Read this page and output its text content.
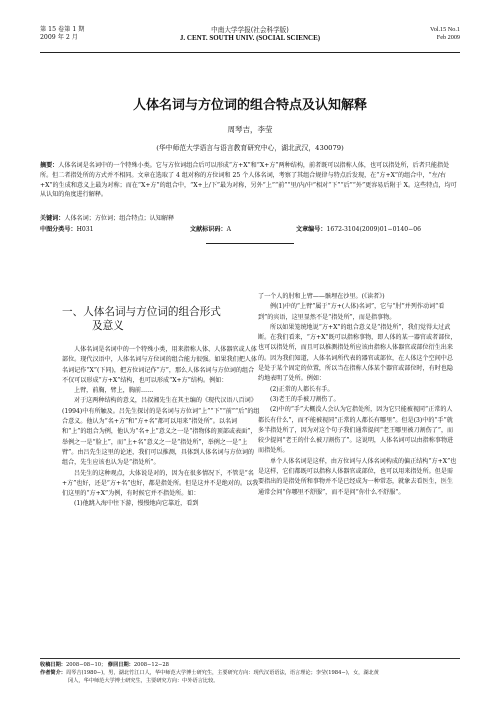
第 15 卷第 1 期
2009 年 2 月
中南大学学报(社会科学版)
J. CENT. SOUTH UNIV. (SOCIAL SCIENCE)
Vol.15 No.1
Feb 2009
人体名词与方位词的组合特点及认知解释
周琴吉，李莹
(华中师范大学语言与语言教育研究中心，湖北武汉，430079)
摘要：人体名词是名词中的一个特殊小类。它与方位词组合后可以形成“方+X”和“X+方”两种结构，前者既可以指称人体，也可以指处所，后者只能指处所。但二者指处所的方式并不相同。文章在选取了 4 组对称的方位词和 25 个人体名词，考察了其组合规律与特点后发现，在“方+X”的组合中，“左/右+X”的生成和意义上最为对称；而在“X+方”的组合中，“X+上/下”最为对称，另外“上”“前”“里/内/中”相对“下”“后”“外”更容易后附于 X。这些特点，均可从认知的角度进行解释。
关键词：人体名词；方位词；组合特点；认知解释
中图分类号：H031	文献标识码：A	文章编号：1672-3104(2009)01−0140−06
一、人体名词与方位词的组合形式
及意义

人体名词是名词中的一个特殊小类，用来指称人体、人体器官或人体部位。现代汉语中，人体名词与方位词的组合能力很强。如果我们把人体名词记作“X”(下同)，把方位词记作“方”，那么人体名词与方位词的组合不仅可以形成“方+X”结构，也可以形成“X+方”结构。例如：

上臂，前胸，臂上，胸前……

对于这两种结构的意义，吕叔湘先生在其主编的《现代汉语八百词》(1994)中有所触及。吕先生探讨的是名词与方位词“上”“下”“前”“后”的组合意义。他认为“名+方”和“方+名”都可以用来“指处所”。以名词和“上”的组合为例，他认为“名+上”意义之一是“指物体的顶部或表面”，举例之一是“脸上”，而“上+名”意义之一是“指处所”，举例之一是“上臂”。由吕先生这里的论述，我们可以推测，具体到人体名词与方位词的组合，先生应该也认为是“指处所”。

吕先生的这种观点，大体说是对的，因为在很多情况下，不管是“名+方”也好，还是“方+名”也好，都是指处所。但是这并不是绝对的。以我们这里的“方+X”为例，有时候它并不指处所。如：

(1)他跳入海中往下游，慢慢地向它靠近，看到

了一个人的肘和上臂——骸埋在沙里。(《读者》)

例(1)中的“上臂”属于“方+(人体)名词”，它与“肘”并列作动词“看到”的宾语，这里显然不是“指处所”，而是指事物。

所以如果笼统地说“方+X”的组合意义是“指处所”，我们觉得太过武断。在我们看来，“方+X”既可以指称事物，即人体的某一器官或者部位，也可以指处所，而且可以推测指处所应该由指称人体器官或部位衍生出来的。因为我们知道，人体名词所代表的器官或部位，在人体这个空间中总是处于某个固定的位置，所以当在指称人体某个器官或部位时，有时也隐约地表明了处所。例如：

(2)正常的人都长有手。

(3)老王的手被刀割伤了。

(2)中的“手”大概没人会认为它指处所，因为它只能被视同“正常的人都长有什么”，而不能被视同“正常的人都长有哪里”。但是(3)中的“手”就多半指处所了，因为对这个句子我们通常提问“老王哪里被刀割伤了”，而较少提问“老王的什么被刀割伤了”。这说明，人体名词可以由指称事物进而指处所。

单个人体名词是这样，由方位词与人体名词构成的偏正结构“方+X”也是这样，它们都既可以指称人体器官或部位，也可以用来指处所。但是需要指出的是指处所和事物并不是已经成为一种常态，就象去看医生，医生通常会问“你哪里不舒服”，而不是问“你什么不舒服”。

收稿日期：2008−08−10； 修回日期：2008−12−28
作者简介：周琴吉(1980−)，男，湖北竹江口人，华中师范大学博士研究生，主要研究方向：现代汉语语法，语言理论；李莹(1984−)，女，湖北黄
冈人，华中师范大学博士研究生，主要研究方向：中外语言比较。
